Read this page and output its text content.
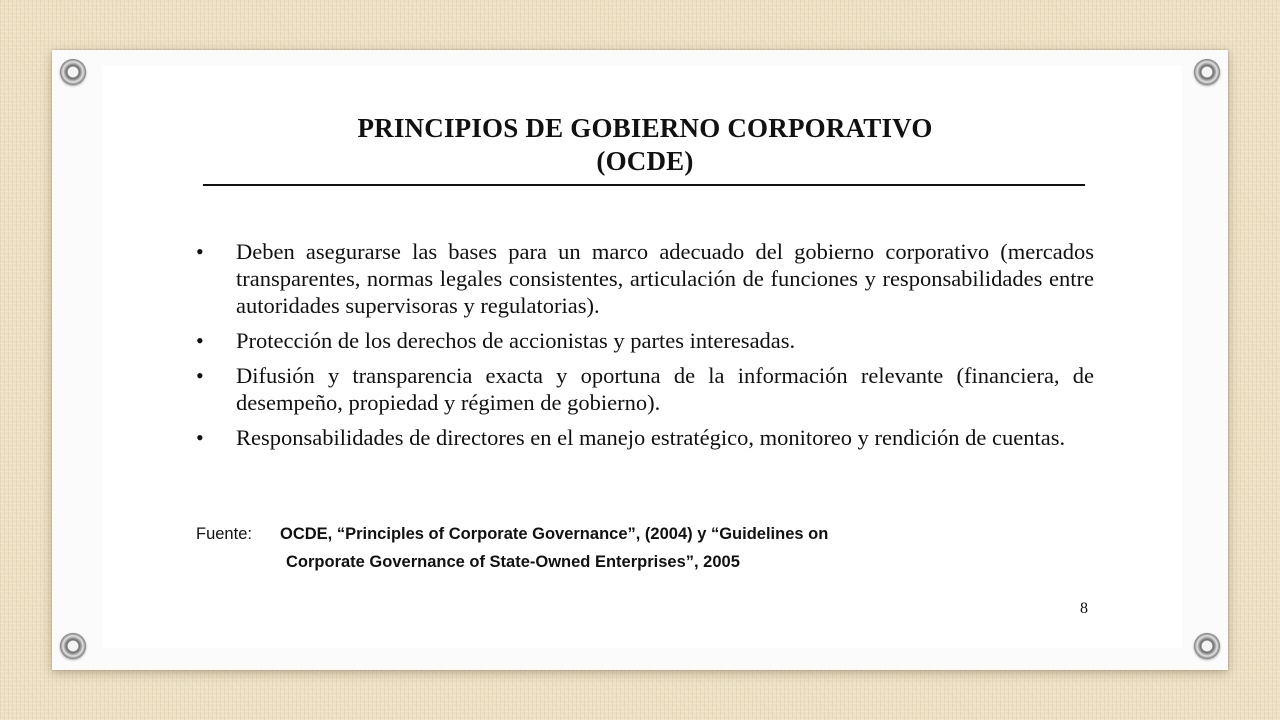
PRINCIPIOS DE GOBIERNO CORPORATIVO
(OCDE)
•	Deben asegurarse las bases para un marco adecuado del gobierno corporativo (mercados transparentes, normas legales consistentes, articulación de funciones y responsabilidades entre autoridades supervisoras y regulatorias).
•	Protección de los derechos de accionistas y partes interesadas.
•	Difusión y transparencia exacta y oportuna de la información relevante (financiera, de desempeño, propiedad y régimen de gobierno).
•	Responsabilidades de directores en el manejo estratégico, monitoreo y rendición de cuentas.
Fuente: OCDE, “Principles of Corporate Governance”, (2004) y “Guidelines on
Corporate Governance of State-Owned Enterprises”, 2005
8
